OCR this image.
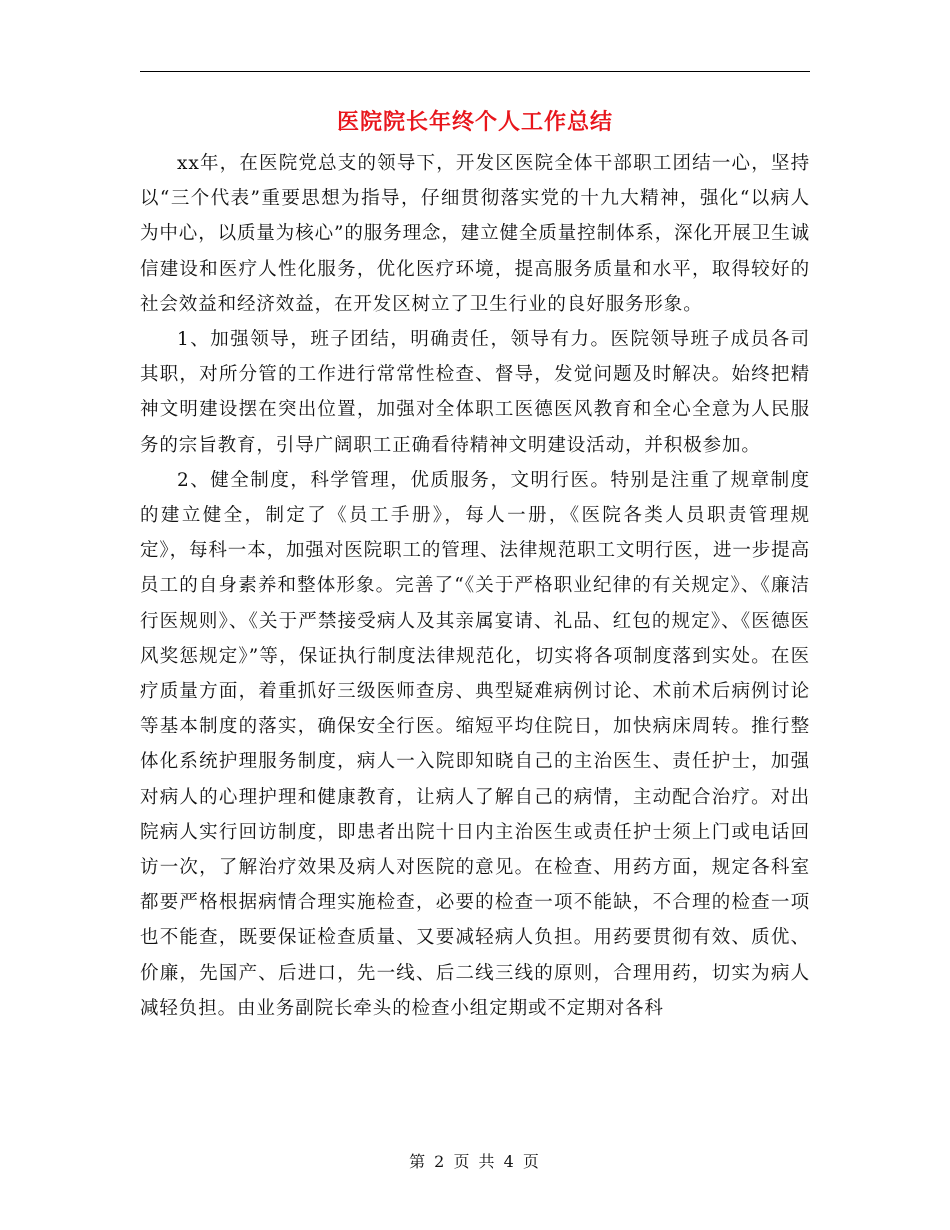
医院院长年终个人工作总结

xx年，在医院党总支的领导下，开发区医院全体干部职工团结一心，坚持以“三个代表”重要思想为指导，仔细贯彻落实党的十九大精神，强化“以病人为中心，以质量为核心”的服务理念，建立健全质量控制体系，深化开展卫生诚信建设和医疗人性化服务，优化医疗环境，提高服务质量和水平，取得较好的社会效益和经济效益，在开发区树立了卫生行业的良好服务形象。

1、加强领导，班子团结，明确责任，领导有力。医院领导班子成员各司其职，对所分管的工作进行常常性检查、督导，发觉问题及时解决。始终把精神文明建设摆在突出位置，加强对全体职工医德医风教育和全心全意为人民服务的宗旨教育，引导广阔职工正确看待精神文明建设活动，并积极参加。

2、健全制度，科学管理，优质服务，文明行医。特别是注重了规章制度的建立健全，制定了《员工手册》，每人一册，《医院各类人员职责管理规定》，每科一本，加强对医院职工的管理、法律规范职工文明行医，进一步提高员工的自身素养和整体形象。完善了“《关于严格职业纪律的有关规定》、《廉洁行医规则》、《关于严禁接受病人及其亲属宴请、礼品、红包的规定》、《医德医风奖惩规定》”等，保证执行制度法律规范化，切实将各项制度落到实处。在医疗质量方面，着重抓好三级医师查房、典型疑难病例讨论、术前术后病例讨论等基本制度的落实，确保安全行医。缩短平均住院日，加快病床周转。推行整体化系统护理服务制度，病人一入院即知晓自己的主治医生、责任护士，加强对病人的心理护理和健康教育，让病人了解自己的病情，主动配合治疗。对出院病人实行回访制度，即患者出院十日内主治医生或责任护士须上门或电话回访一次，了解治疗效果及病人对医院的意见。在检查、用药方面，规定各科室都要严格根据病情合理实施检查，必要的检查一项不能缺，不合理的检查一项也不能查，既要保证检查质量、又要减轻病人负担。用药要贯彻有效、质优、价廉，先国产、后进口，先一线、后二线三线的原则，合理用药，切实为病人减轻负担。由业务副院长牵头的检查小组定期或不定期对各科

第 2 页 共 4 页
